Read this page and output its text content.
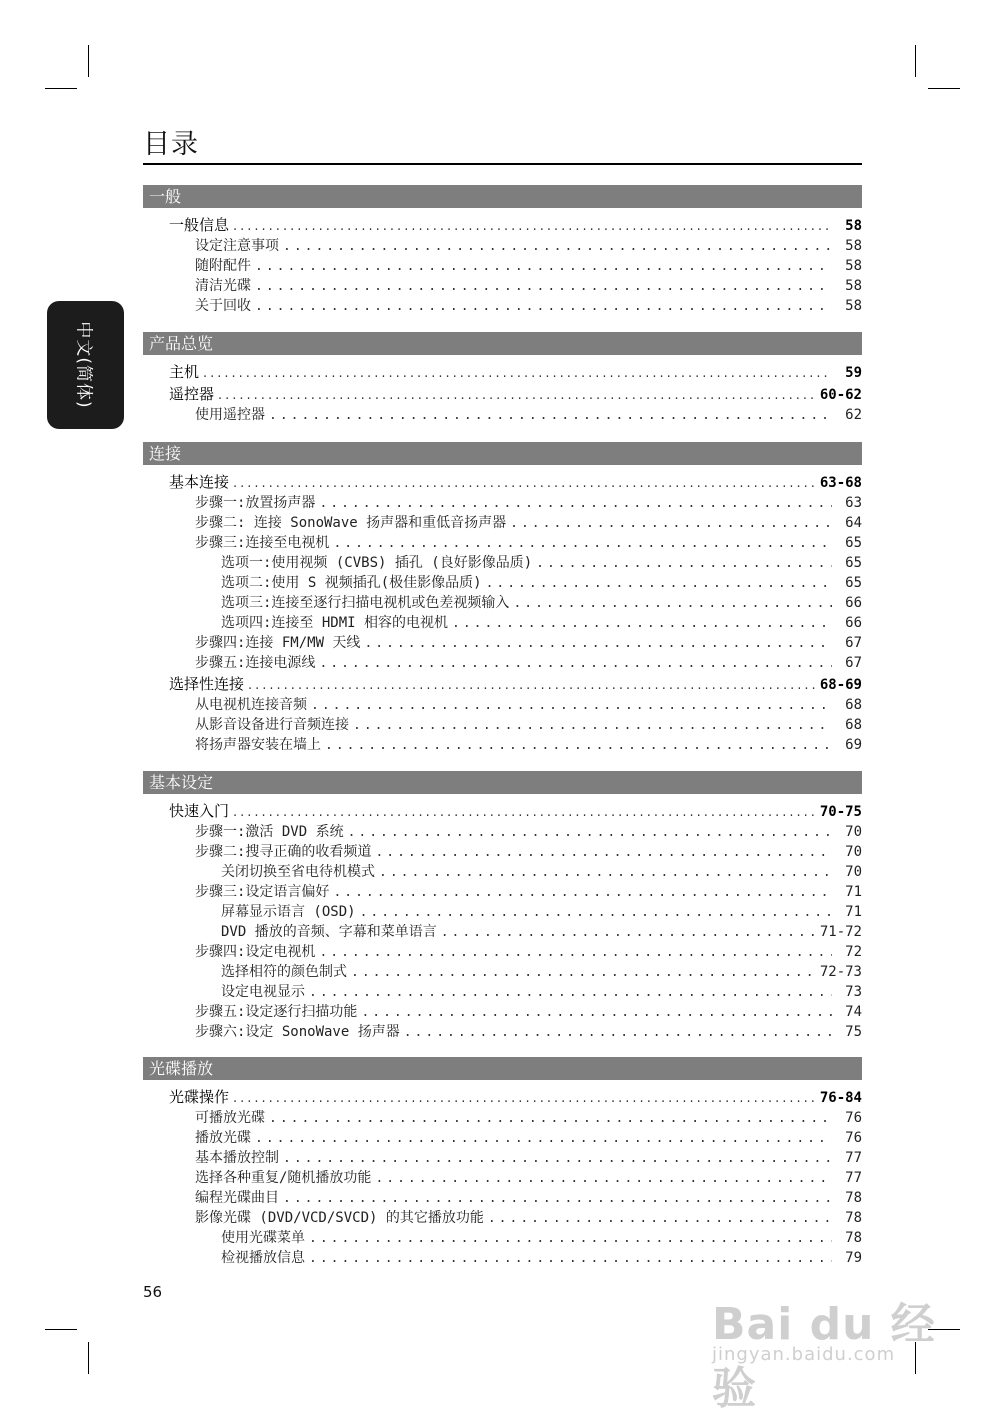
目录
中文(简体)
一般
一般信息 .....	58
设定注意事项 .....	58
随附配件 .....	58
清洁光碟 .....	58
关于回收 .....	58
产品总览
主机 .....	59
遥控器 .....	60-62
使用遥控器 .....	62
连接
基本连接 .....	63-68
步骤一:放置扬声器 .....	63
步骤二: 连接 SonoWave 扬声器和重低音扬声器 .....	64
步骤三:连接至电视机 .....	65
选项一:使用视频 (CVBS) 插孔 (良好影像品质) .....	65
选项二:使用 S 视频插孔(极佳影像品质) .....	65
选项三:连接至逐行扫描电视机或色差视频输入 .....	66
选项四:连接至 HDMI 相容的电视机 .....	66
步骤四:连接 FM/MW 天线 .....	67
步骤五:连接电源线 .....	67
选择性连接 .....	68-69
从电视机连接音频 .....	68
从影音设备进行音频连接 .....	68
将扬声器安装在墙上 .....	69
基本设定
快速入门 .....	70-75
步骤一:激活 DVD 系统 .....	70
步骤二:搜寻正确的收看频道 .....	70
关闭切换至省电待机模式 .....	70
步骤三:设定语言偏好 .....	71
屏幕显示语言 (OSD) .....	71
DVD 播放的音频、字幕和菜单语言 .....	71-72
步骤四:设定电视机 .....	72
选择相符的颜色制式 .....	72-73
设定电视显示 .....	73
步骤五:设定逐行扫描功能 .....	74
步骤六:设定 SonoWave 扬声器 .....	75
光碟播放
光碟操作 .....	76-84
可播放光碟 .....	76
播放光碟 .....	76
基本播放控制 .....	77
选择各种重复/随机播放功能 .....	77
编程光碟曲目 .....	78
影像光碟 (DVD/VCD/SVCD) 的其它播放功能 .....	78
使用光碟菜单 .....	78
检视播放信息 .....	79
56
Bai du 经验
jingyan.baidu.com
